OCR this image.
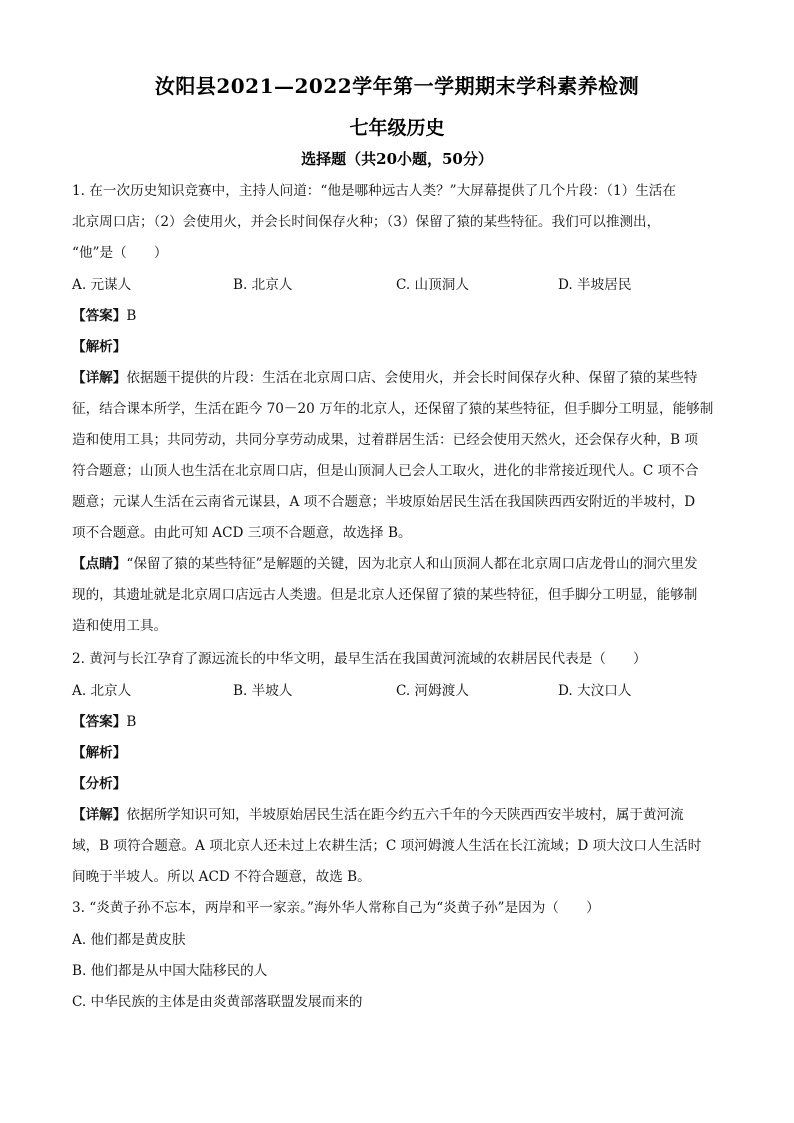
汝阳县2021—2022学年第一学期期末学科素养检测
七年级历史
选择题（共20小题，50分）
1. 在一次历史知识竞赛中，主持人问道：“他是哪种远古人类？”大屏幕提供了几个片段：（1）生活在
北京周口店；（2）会使用火，并会长时间保存火种；（3）保留了猿的某些特征。我们可以推测出，
“他”是（　　）
A. 元谋人	B. 北京人	C. 山顶洞人	D. 半坡居民
【答案】B
【解析】
【详解】依据题干提供的片段：生活在北京周口店、会使用火，并会长时间保存火种、保留了猿的某些特
征，结合课本所学，生活在距今 70－20 万年的北京人，还保留了猿的某些特征，但手脚分工明显，能够制
造和使用工具；共同劳动，共同分享劳动成果，过着群居生活：已经会使用天然火，还会保存火种，B 项
符合题意；山顶人也生活在北京周口店，但是山顶洞人已会人工取火，进化的非常接近现代人。C 项不合
题意；元谋人生活在云南省元谋县，A 项不合题意；半坡原始居民生活在我国陕西西安附近的半坡村，D
项不合题意。由此可知 ACD 三项不合题意，故选择 B。
【点睛】“保留了猿的某些特征”是解题的关键，因为北京人和山顶洞人都在北京周口店龙骨山的洞穴里发
现的，其遗址就是北京周口店远古人类遗。但是北京人还保留了猿的某些特征，但手脚分工明显，能够制
造和使用工具。
2. 黄河与长江孕育了源远流长的中华文明，最早生活在我国黄河流域的农耕居民代表是（　　）
A. 北京人	B. 半坡人	C. 河姆渡人	D. 大汶口人
【答案】B
【解析】
【分析】
【详解】依据所学知识可知，半坡原始居民生活在距今约五六千年的今天陕西西安半坡村，属于黄河流
域，B 项符合题意。A 项北京人还未过上农耕生活；C 项河姆渡人生活在长江流域；D 项大汶口人生活时
间晚于半坡人。所以 ACD 不符合题意，故选 B。
3. “炎黄子孙不忘本，两岸和平一家亲。”海外华人常称自己为“炎黄子孙”是因为（　　）
A. 他们都是黄皮肤
B. 他们都是从中国大陆移民的人
C. 中华民族的主体是由炎黄部落联盟发展而来的
